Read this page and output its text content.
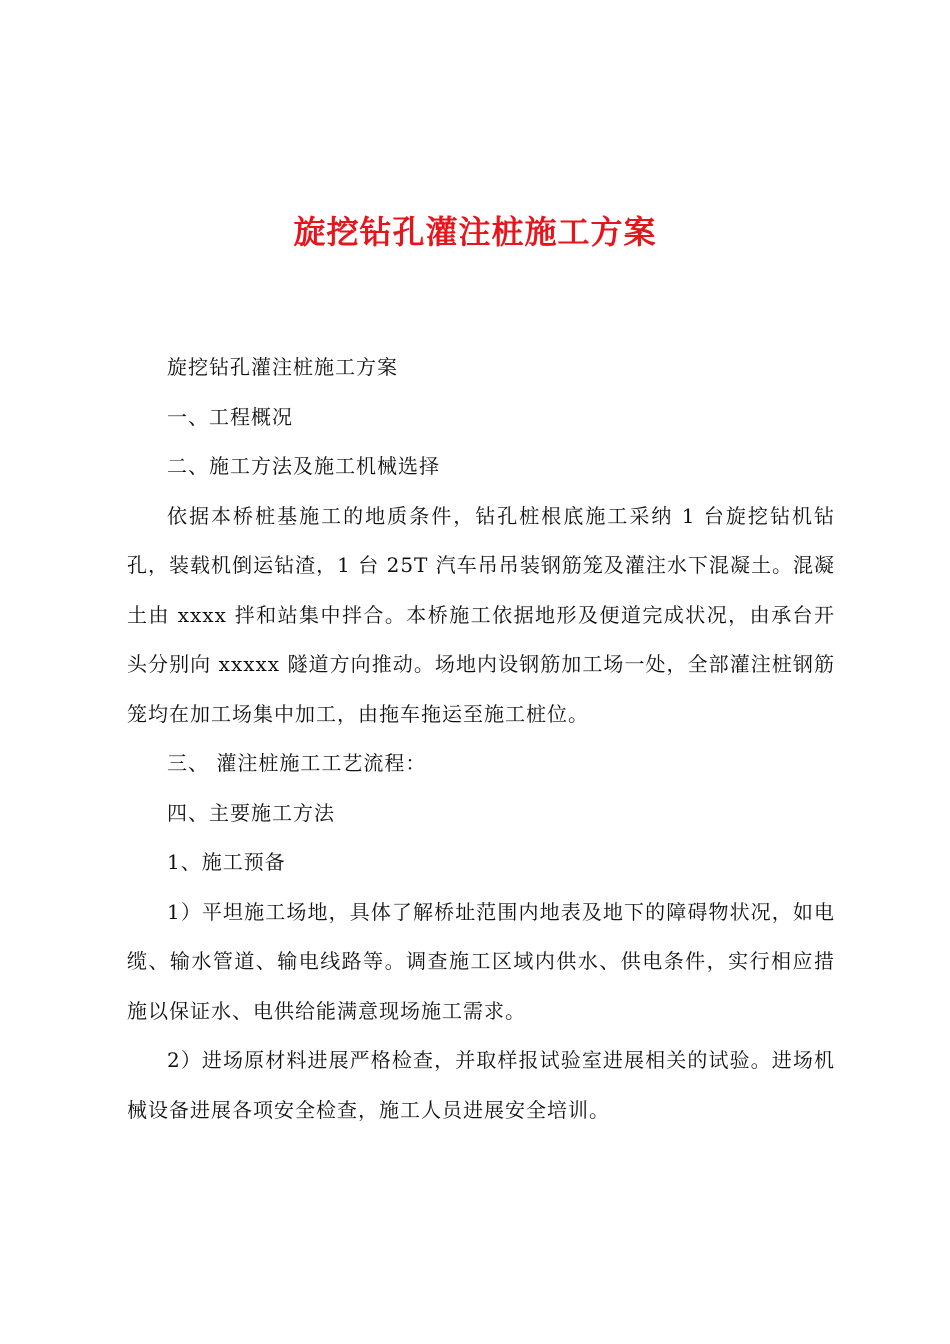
旋挖钻孔灌注桩施工方案

旋挖钻孔灌注桩施工方案

一、工程概况

二、施工方法及施工机械选择

依据本桥桩基施工的地质条件，钻孔桩根底施工采纳 1 台旋挖钻机钻孔，装载机倒运钻渣，1 台 25T 汽车吊吊装钢筋笼及灌注水下混凝土。混凝土由 xxxx 拌和站集中拌合。本桥施工依据地形及便道完成状况，由承台开头分别向 xxxxx 隧道方向推动。场地内设钢筋加工场一处，全部灌注桩钢筋笼均在加工场集中加工，由拖车拖运至施工桩位。

三、 灌注桩施工工艺流程：

四、主要施工方法

1、施工预备

1）平坦施工场地，具体了解桥址范围内地表及地下的障碍物状况，如电缆、输水管道、输电线路等。调查施工区域内供水、供电条件，实行相应措施以保证水、电供给能满意现场施工需求。

2）进场原材料进展严格检查，并取样报试验室进展相关的试验。进场机械设备进展各项安全检查，施工人员进展安全培训。
